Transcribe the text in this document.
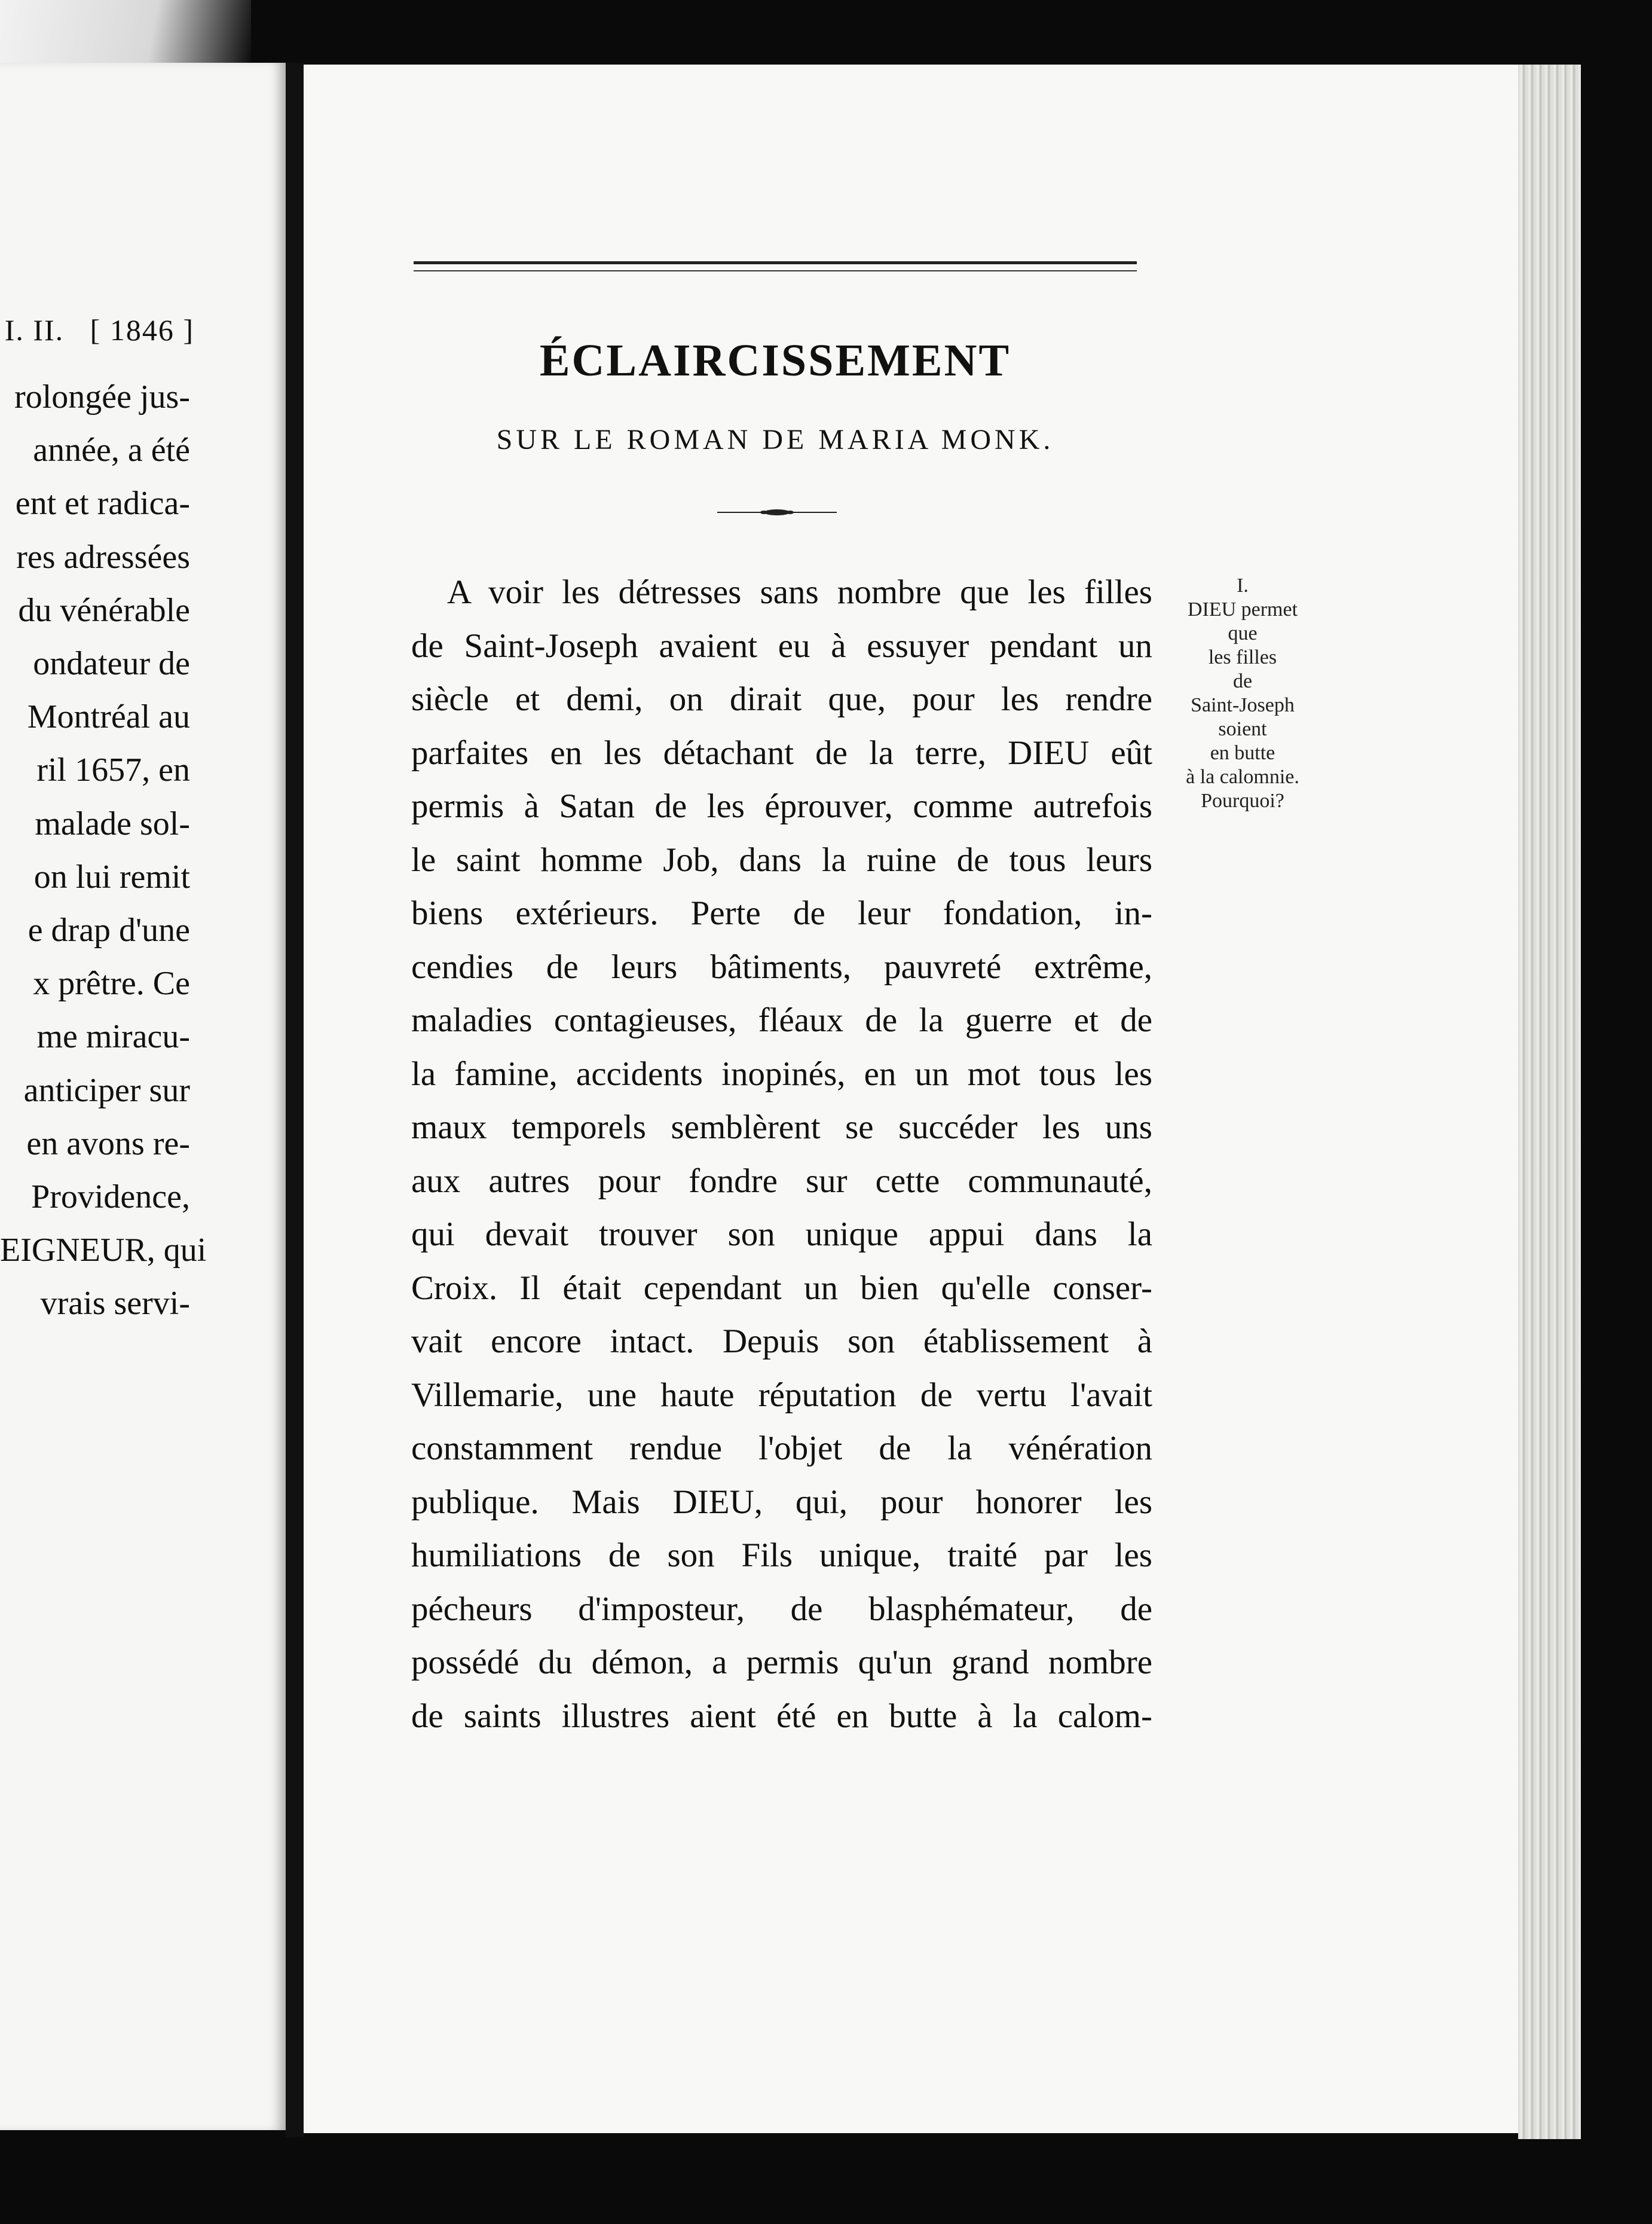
I. II.   [ 1846 ]
rolongée jus-
année, a été
ent et radica-
res adressées
du vénérable
ondateur de
Montréal au
ril 1657, en
malade sol-
on lui remit
e drap d'une
x prêtre. Ce
me miracu-
anticiper sur
en avons re-
Providence,
EIGNEUR, qui
vrais servi-
ÉCLAIRCISSEMENT
SUR LE ROMAN DE MARIA MONK.
A voir les détresses sans nombre que les filles
de Saint-Joseph avaient eu à essuyer pendant un
siècle et demi, on dirait que, pour les rendre
parfaites en les détachant de la terre, DIEU eût
permis à Satan de les éprouver, comme autrefois
le saint homme Job, dans la ruine de tous leurs
biens extérieurs. Perte de leur fondation, in-
cendies de leurs bâtiments, pauvreté extrême,
maladies contagieuses, fléaux de la guerre et de
la famine, accidents inopinés, en un mot tous les
maux temporels semblèrent se succéder les uns
aux autres pour fondre sur cette communauté,
qui devait trouver son unique appui dans la
Croix. Il était cependant un bien qu'elle conser-
vait encore intact. Depuis son établissement à
Villemarie, une haute réputation de vertu l'avait
constamment rendue l'objet de la vénération
publique. Mais DIEU, qui, pour honorer les
humiliations de son Fils unique, traité par les
pécheurs d'imposteur, de blasphémateur, de
possédé du démon, a permis qu'un grand nombre
de saints illustres aient été en butte à la calom-
I.
DIEU permet
que
les filles
de
Saint-Joseph
soient
en butte
à la calomnie.
Pourquoi?
